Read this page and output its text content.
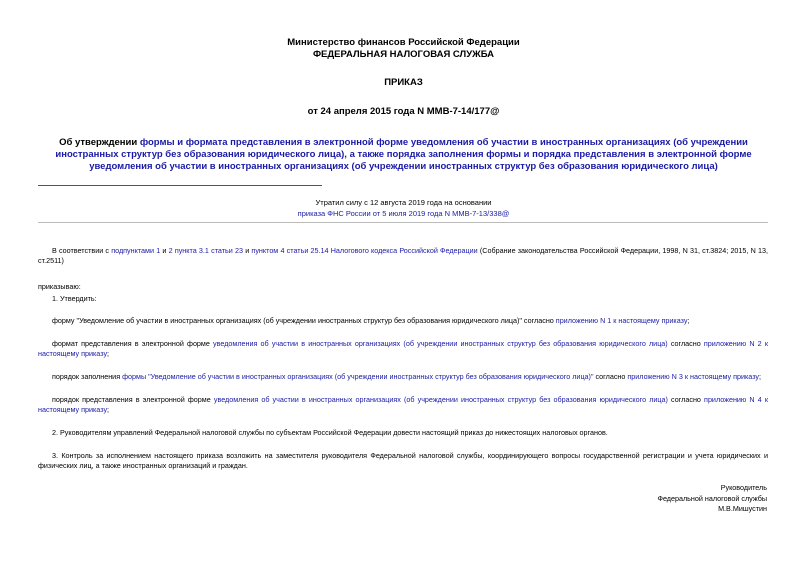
Министерство финансов Российской Федерации
ФЕДЕРАЛЬНАЯ НАЛОГОВАЯ СЛУЖБА
ПРИКАЗ
от 24 апреля 2015 года N ММВ-7-14/177@
Об утверждении формы и формата представления в электронной форме уведомления об участии в иностранных организациях (об учреждении иностранных структур без образования юридического лица), а также порядка заполнения формы и порядка представления в электронной форме уведомления об участии в иностранных организациях (об учреждении иностранных структур без образования юридического лица)
Утратил силу с 12 августа 2019 года на основании
приказа ФНС России от 5 июля 2019 года N ММВ-7-13/338@

В соответствии с подпунктами 1 и 2 пункта 3.1 статьи 23 и пунктом 4 статьи 25.14 Налогового кодекса Российской Федерации (Собрание законодательства Российской Федерации, 1998, N 31, ст.3824; 2015, N 13, ст.2511)

приказываю:

1. Утвердить:

форму "Уведомление об участии в иностранных организациях (об учреждении иностранных структур без образования юридического лица)" согласно приложению N 1 к настоящему приказу;

формат представления в электронной форме уведомления об участии в иностранных организациях (об учреждении иностранных структур без образования юридического лица) согласно приложению N 2 к настоящему приказу;

порядок заполнения формы "Уведомление об участии в иностранных организациях (об учреждении иностранных структур без образования юридического лица)" согласно приложению N 3 к настоящему приказу;

порядок представления в электронной форме уведомления об участии в иностранных организациях (об учреждении иностранных структур без образования юридического лица) согласно приложению N 4 к настоящему приказу;

2. Руководителям управлений Федеральной налоговой службы по субъектам Российской Федерации довести настоящий приказ до нижестоящих налоговых органов.

3. Контроль за исполнением настоящего приказа возложить на заместителя руководителя Федеральной налоговой службы, координирующего вопросы государственной регистрации и учета юридических и физических лиц, а также иностранных организаций и граждан.

Руководитель
Федеральной налоговой службы
М.В.Мишустин
